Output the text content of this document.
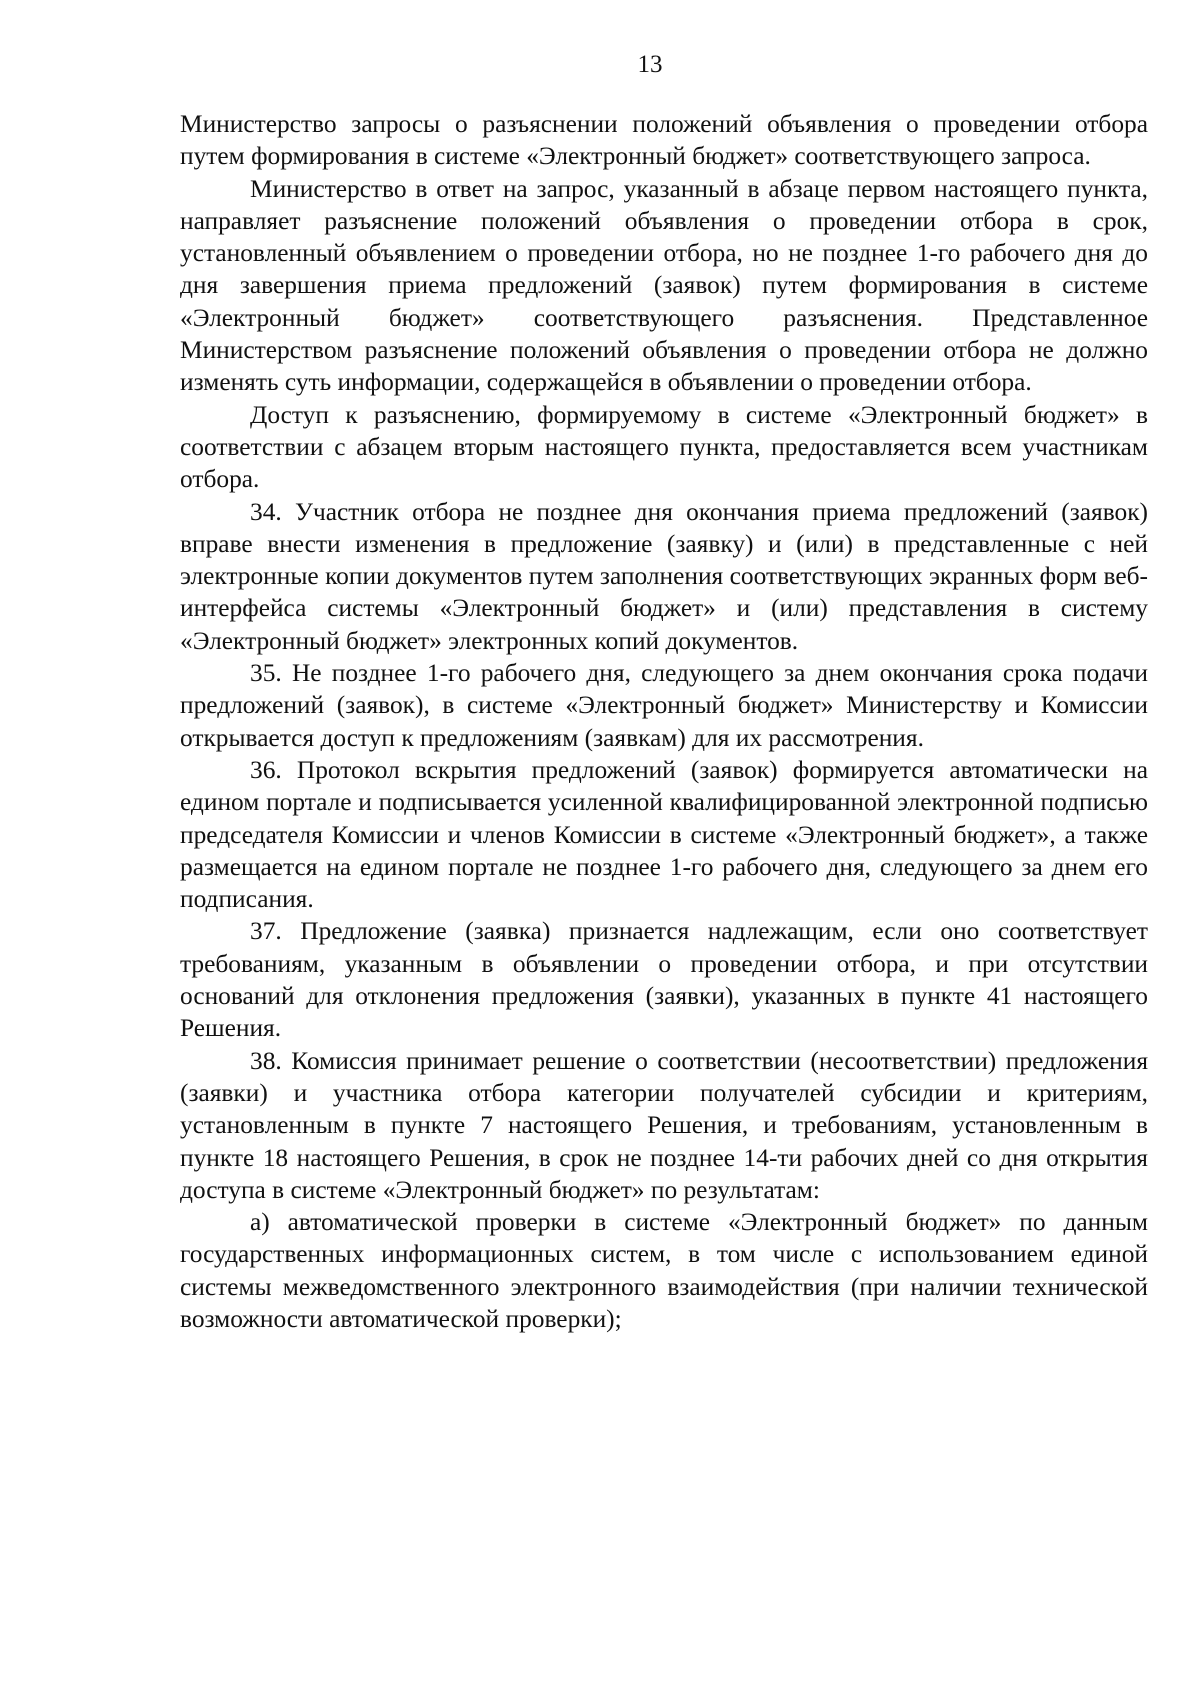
13

Министерство запросы о разъяснении положений объявления о проведении отбора путем формирования в системе «Электронный бюджет» соответствующего запроса.

Министерство в ответ на запрос, указанный в абзаце первом настоящего пункта, направляет разъяснение положений объявления о проведении отбора в срок, установленный объявлением о проведении отбора, но не позднее 1-го рабочего дня до дня завершения приема предложений (заявок) путем формирования в системе «Электронный бюджет» соответствующего разъяснения. Представленное Министерством разъяснение положений объявления о проведении отбора не должно изменять суть информации, содержащейся в объявлении о проведении отбора.

Доступ к разъяснению, формируемому в системе «Электронный бюджет» в соответствии с абзацем вторым настоящего пункта, предоставляется всем участникам отбора.

34. Участник отбора не позднее дня окончания приема предложений (заявок) вправе внести изменения в предложение (заявку) и (или) в представленные с ней электронные копии документов путем заполнения соответствующих экранных форм веб-интерфейса системы «Электронный бюджет» и (или) представления в систему «Электронный бюджет» электронных копий документов.

35. Не позднее 1-го рабочего дня, следующего за днем окончания срока подачи предложений (заявок), в системе «Электронный бюджет» Министерству и Комиссии открывается доступ к предложениям (заявкам) для их рассмотрения.

36. Протокол вскрытия предложений (заявок) формируется автоматически на едином портале и подписывается усиленной квалифицированной электронной подписью председателя Комиссии и членов Комиссии в системе «Электронный бюджет», а также размещается на едином портале не позднее 1-го рабочего дня, следующего за днем его подписания.

37. Предложение (заявка) признается надлежащим, если оно соответствует требованиям, указанным в объявлении о проведении отбора, и при отсутствии оснований для отклонения предложения (заявки), указанных в пункте 41 настоящего Решения.

38. Комиссия принимает решение о соответствии (несоответствии) предложения (заявки) и участника отбора категории получателей субсидии и критериям, установленным в пункте 7 настоящего Решения, и требованиям, установленным в пункте 18 настоящего Решения, в срок не позднее 14-ти рабочих дней со дня открытия доступа в системе «Электронный бюджет» по результатам:

а) автоматической проверки в системе «Электронный бюджет» по данным государственных информационных систем, в том числе с использованием единой системы межведомственного электронного взаимодействия (при наличии технической возможности автоматической проверки);
